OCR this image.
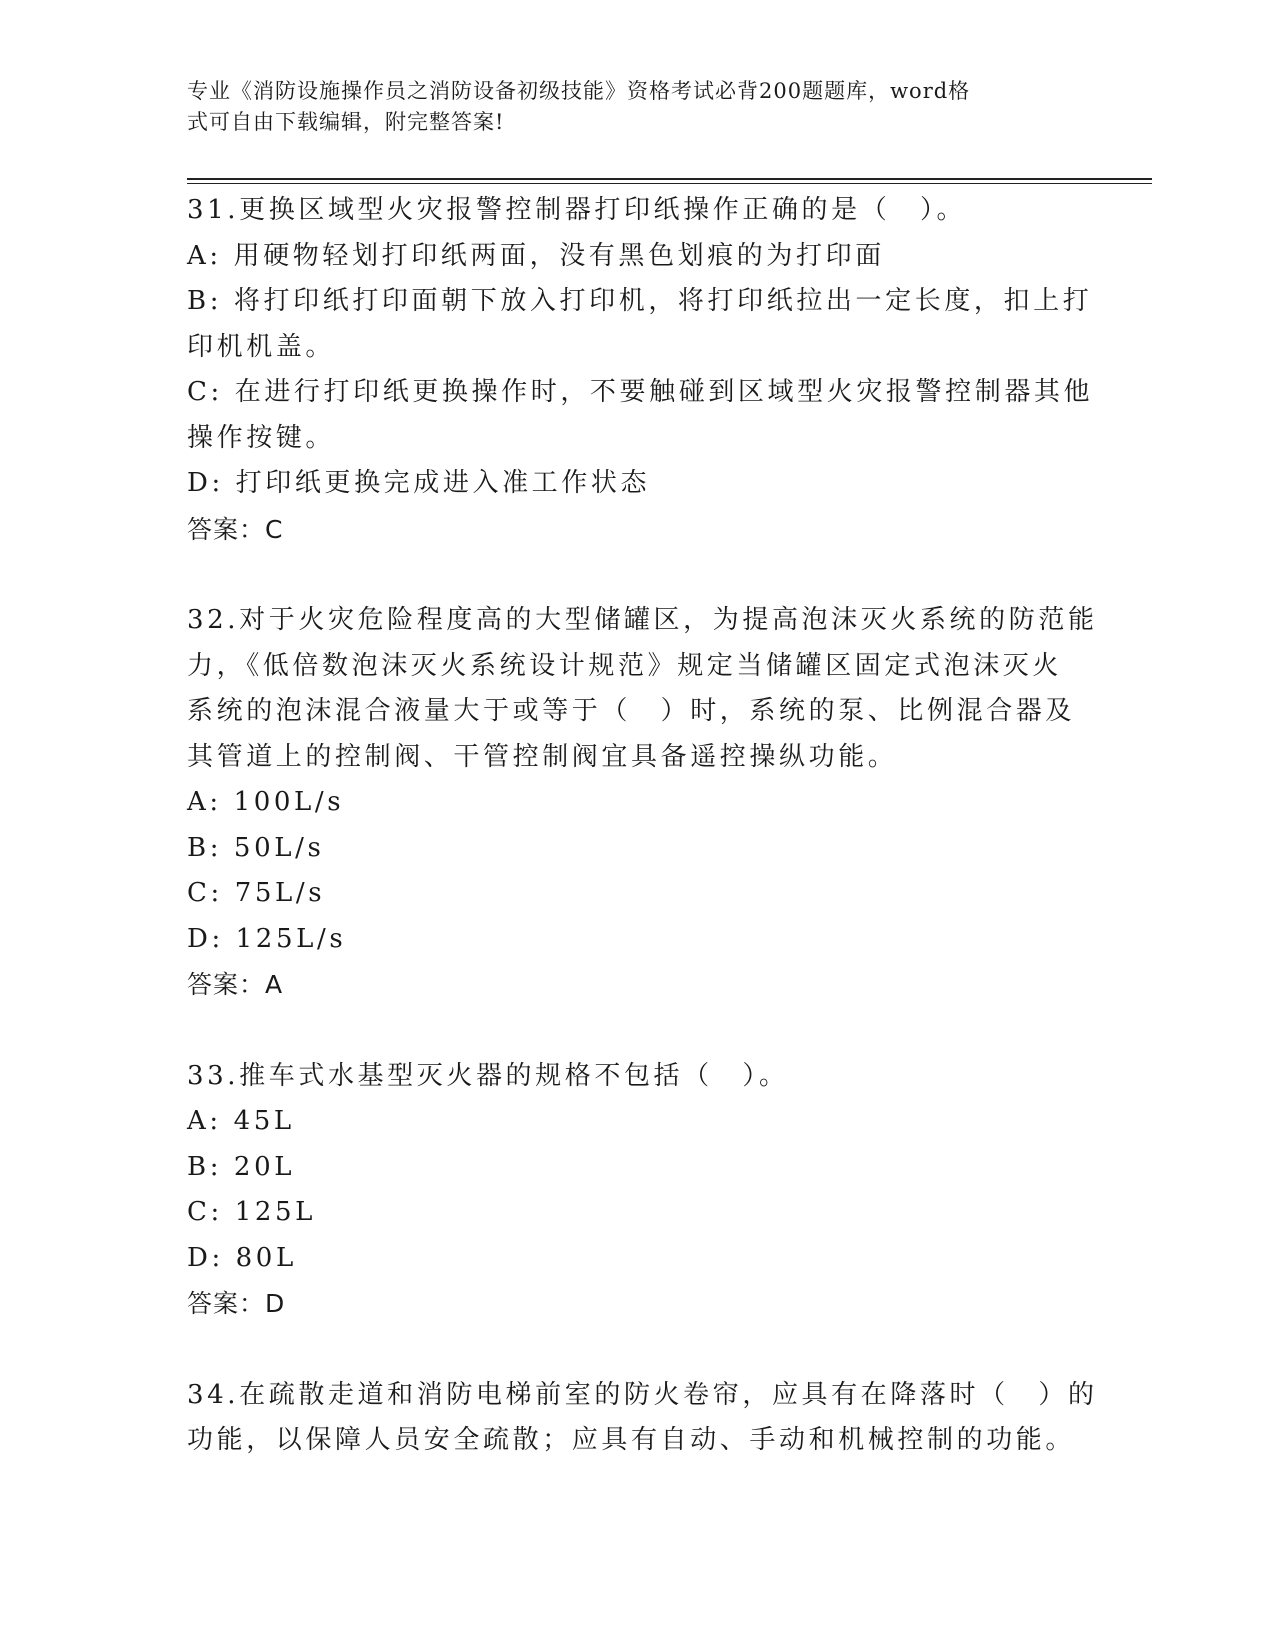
专业《消防设施操作员之消防设备初级技能》资格考试必背200题题库，word格
式可自由下载编辑，附完整答案!
31.更换区域型火灾报警控制器打印纸操作正确的是（　）。
A: 用硬物轻划打印纸两面，没有黑色划痕的为打印面
B: 将打印纸打印面朝下放入打印机，将打印纸拉出一定长度，扣上打
印机机盖。
C: 在进行打印纸更换操作时，不要触碰到区域型火灾报警控制器其他
操作按键。
D: 打印纸更换完成进入准工作状态
答案：C
32.对于火灾危险程度高的大型储罐区，为提高泡沫灭火系统的防范能
力，《低倍数泡沫灭火系统设计规范》规定当储罐区固定式泡沫灭火
系统的泡沫混合液量大于或等于（　）时，系统的泵、比例混合器及
其管道上的控制阀、干管控制阀宜具备遥控操纵功能。
A: 100L/s
B: 50L/s
C: 75L/s
D: 125L/s
答案：A
33.推车式水基型灭火器的规格不包括（　）。
A: 45L
B: 20L
C: 125L
D: 80L
答案：D
34.在疏散走道和消防电梯前室的防火卷帘，应具有在降落时（　）的
功能，以保障人员安全疏散；应具有自动、手动和机械控制的功能。
